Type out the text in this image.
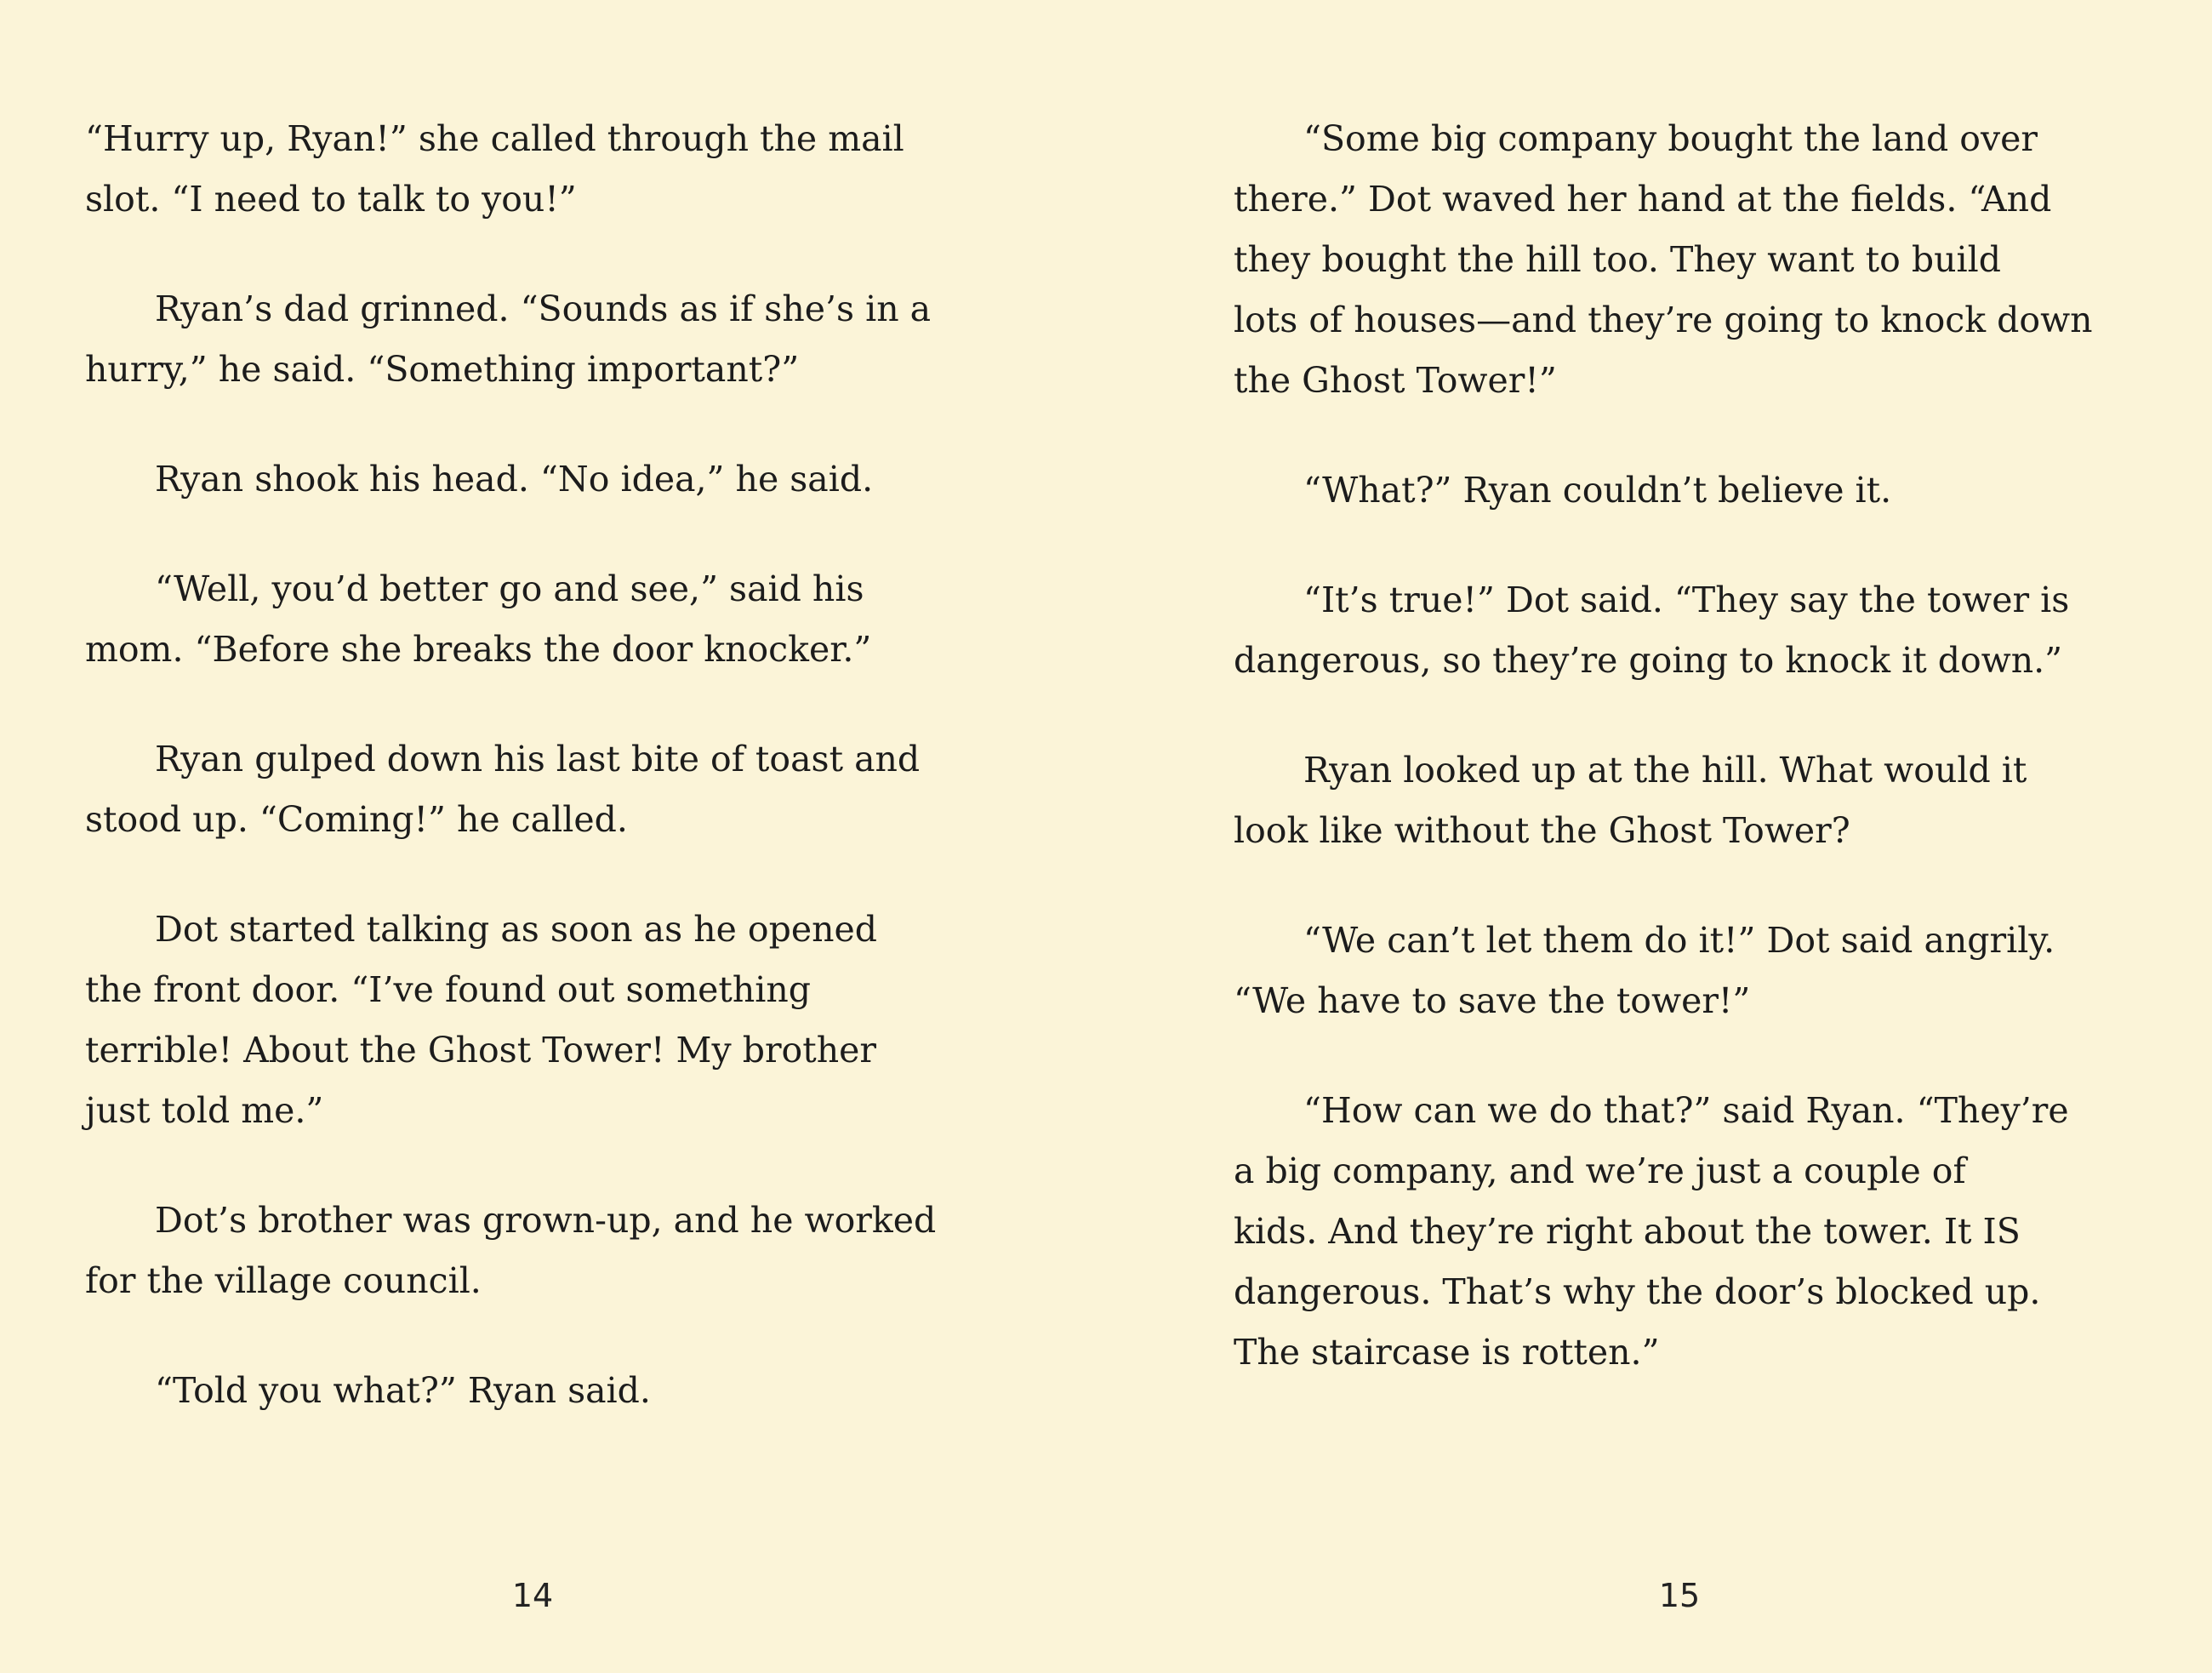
“Hurry up, Ryan!” she called through the mail
slot. “I need to talk to you!”

Ryan’s dad grinned. “Sounds as if she’s in a
hurry,” he said. “Something important?”

Ryan shook his head. “No idea,” he said.

“Well, you’d better go and see,” said his
mom. “Before she breaks the door knocker.”

Ryan gulped down his last bite of toast and
stood up. “Coming!” he called.

Dot started talking as soon as he opened
the front door. “I’ve found out something
terrible! About the Ghost Tower! My brother
just told me.”

Dot’s brother was grown-up, and he worked
for the village council.

“Told you what?” Ryan said.

14

“Some big company bought the land over
there.” Dot waved her hand at the fields. “And
they bought the hill too. They want to build
lots of houses—and they’re going to knock down
the Ghost Tower!”

“What?” Ryan couldn’t believe it.

“It’s true!” Dot said. “They say the tower is
dangerous, so they’re going to knock it down.”

Ryan looked up at the hill. What would it
look like without the Ghost Tower?

“We can’t let them do it!” Dot said angrily.
“We have to save the tower!”

“How can we do that?” said Ryan. “They’re
a big company, and we’re just a couple of
kids. And they’re right about the tower. It IS
dangerous. That’s why the door’s blocked up.
The staircase is rotten.”

15
